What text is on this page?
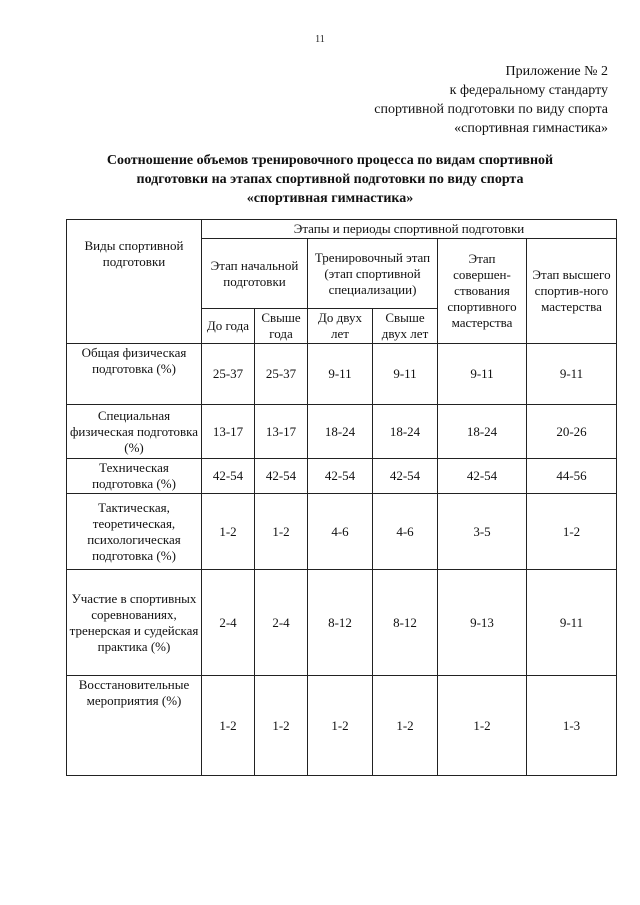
11
Приложение № 2
к федеральному стандарту
спортивной подготовки по виду спорта
«спортивная гимнастика»
Соотношение объемов тренировочного процесса по видам спортивной
подготовки на этапах спортивной подготовки по виду спорта
«спортивная гимнастика»
Виды спортивной подготовки	Этапы и периоды спортивной подготовки					
	Этап начальной подготовки		Тренировочный этап (этап спортивной специализации)		Этап совершен-ствования спортивного мастерства	Этап высшего спортив-ного мастерства
	До года	Свыше года	До двух лет	Свыше двух лет		
Общая физическая подготовка (%)	25-37	25-37	9-11	9-11	9-11	9-11
Специальная физическая подготовка (%)	13-17	13-17	18-24	18-24	18-24	20-26
Техническая подготовка (%)	42-54	42-54	42-54	42-54	42-54	44-56
Тактическая, теоретическая, психологическая подготовка (%)	1-2	1-2	4-6	4-6	3-5	1-2
Участие в спортивных соревнованиях, тренерская и судейская практика (%)	2-4	2-4	8-12	8-12	9-13	9-11
Восстановительные мероприятия (%)	1-2	1-2	1-2	1-2	1-2	1-3
